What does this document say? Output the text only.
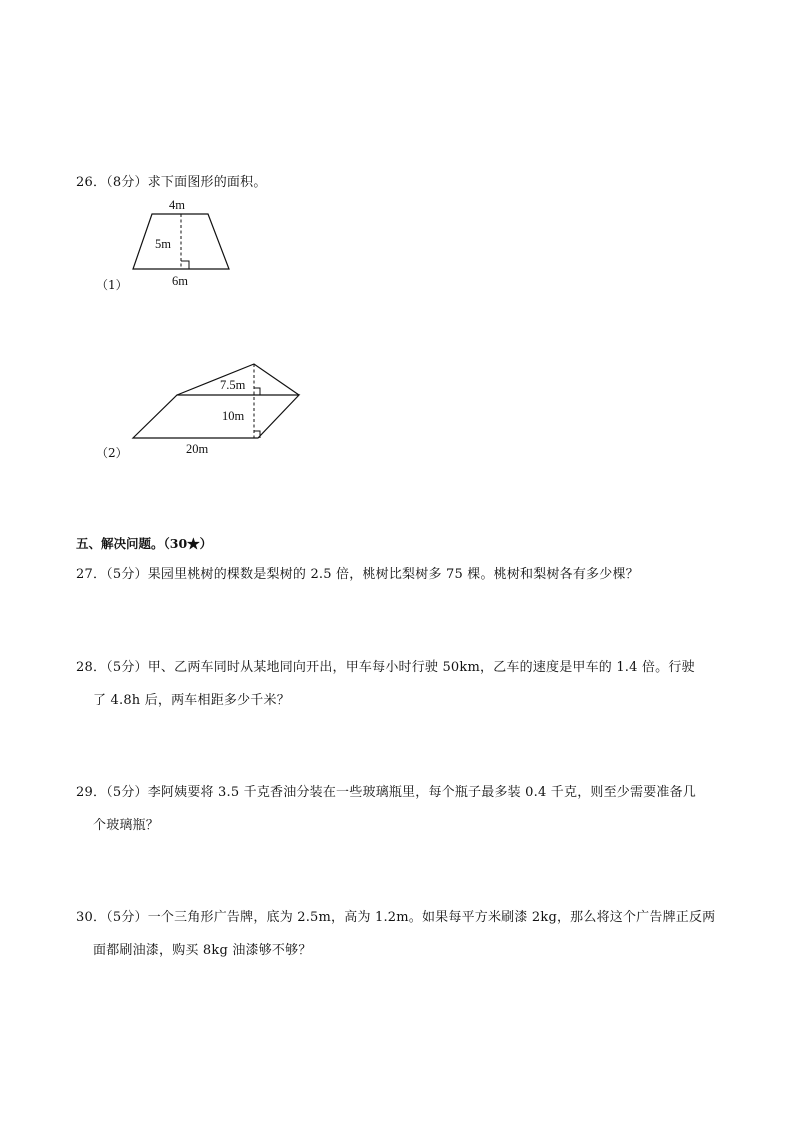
26．（8分）求下面图形的面积。
4m
5m
6m
7.5m
10m
20m
（1）
（2）
五、解决问题。（30★）
27．（5分）果园里桃树的棵数是梨树的 2.5 倍，桃树比梨树多 75 棵。桃树和梨树各有多少棵？
28．（5分）甲、乙两车同时从某地同向开出，甲车每小时行驶 50km，乙车的速度是甲车的 1.4 倍。行驶
了 4.8h 后，两车相距多少千米？
29．（5分）李阿姨要将 3.5 千克香油分装在一些玻璃瓶里，每个瓶子最多装 0.4 千克，则至少需要准备几
个玻璃瓶？
30．（5分）一个三角形广告牌，底为 2.5m，高为 1.2m。如果每平方米刷漆 2kg，那么将这个广告牌正反两
面都刷油漆，购买 8kg 油漆够不够？
